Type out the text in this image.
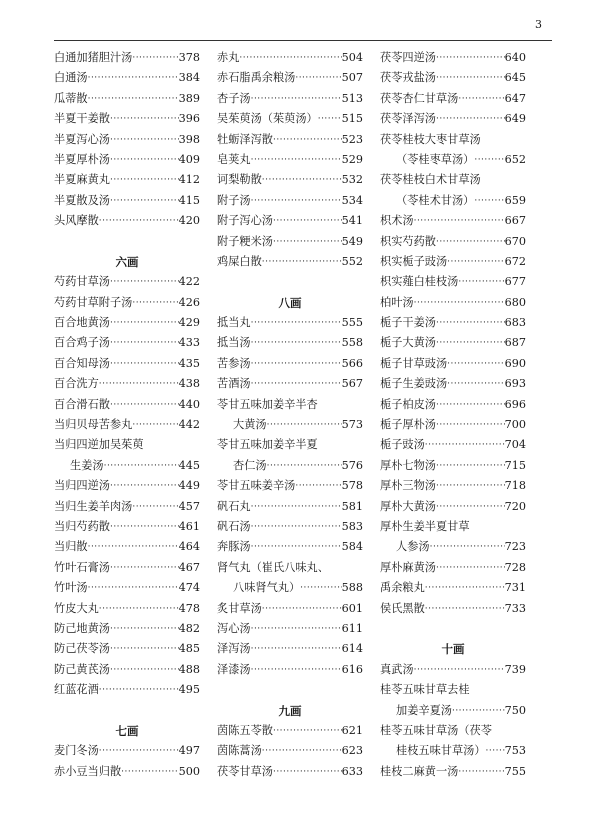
3
白通加猪胆汁汤 ·····	378
白通汤 ·····	384
瓜蒂散 ·····	389
半夏干姜散 ·····	396
半夏泻心汤 ·····	398
半夏厚朴汤 ·····	409
半夏麻黄丸 ·····	412
半夏散及汤 ·····	415
头风摩散 ·····	420
六画
芍药甘草汤 ·····	422
芍药甘草附子汤 ·····	426
百合地黄汤 ·····	429
百合鸡子汤 ·····	433
百合知母汤 ·····	435
百合洗方 ·····	438
百合滑石散 ·····	440
当归贝母苦参丸 ·····	442
当归四逆加吴茱萸
生姜汤 ·····	445
当归四逆汤 ·····	449
当归生姜羊肉汤 ·····	457
当归芍药散 ·····	461
当归散 ·····	464
竹叶石膏汤 ·····	467
竹叶汤 ·····	474
竹皮大丸 ·····	478
防己地黄汤 ·····	482
防己茯苓汤 ·····	485
防己黄芪汤 ·····	488
红蓝花酒 ·····	495
七画
麦门冬汤 ·····	497
赤小豆当归散 ·····	500
赤丸 ·····	504
赤石脂禹余粮汤 ·····	507
杏子汤 ·····	513
吴茱萸汤（茱萸汤） ····· 515
牡蛎泽泻散 ·····	523
皂荚丸 ·····	529
诃梨勒散 ·····	532
附子汤 ·····	534
附子泻心汤 ·····	541
附子粳米汤 ·····	549
鸡屎白散 ·····	552
八画
抵当丸 ·····	555
抵当汤 ·····	558
苦参汤 ·····	566
苦酒汤 ·····	567
苓甘五味加姜辛半杏
大黄汤 ·····	573
苓甘五味加姜辛半夏
杏仁汤 ·····	576
苓甘五味姜辛汤 ·····	578
矾石丸 ·····	581
矾石汤 ·····	583
奔豚汤 ·····	584
肾气丸（崔氏八味丸、
八味肾气丸） ·····	588
炙甘草汤 ·····	601
泻心汤 ·····	611
泽泻汤 ·····	614
泽漆汤 ·····	616
九画
茵陈五苓散 ·····	621
茵陈蒿汤 ·····	623
茯苓甘草汤 ·····	633
茯苓四逆汤 ·····	640
茯苓戎盐汤 ·····	645
茯苓杏仁甘草汤 ·····	647
茯苓泽泻汤 ·····	649
茯苓桂枝大枣甘草汤
（苓桂枣草汤） ·····	652
茯苓桂枝白术甘草汤
（苓桂术甘汤） ·····	659
枳术汤 ·····	667
枳实芍药散 ·····	670
枳实栀子豉汤 ·····	672
枳实薤白桂枝汤 ·····	677
柏叶汤 ·····	680
栀子干姜汤 ·····	683
栀子大黄汤 ·····	687
栀子甘草豉汤 ·····	690
栀子生姜豉汤 ·····	693
栀子柏皮汤 ·····	696
栀子厚朴汤 ·····	700
栀子豉汤 ·····	704
厚朴七物汤 ·····	715
厚朴三物汤 ·····	718
厚朴大黄汤 ·····	720
厚朴生姜半夏甘草
人参汤 ·····	723
厚朴麻黄汤 ·····	728
禹余粮丸 ·····	731
侯氏黑散 ·····	733
十画
真武汤 ·····	739
桂苓五味甘草去桂
加姜辛夏汤 ·····	750
桂苓五味甘草汤（茯苓
桂枝五味甘草汤） ····· 753
桂枝二麻黄一汤 ·····	755
